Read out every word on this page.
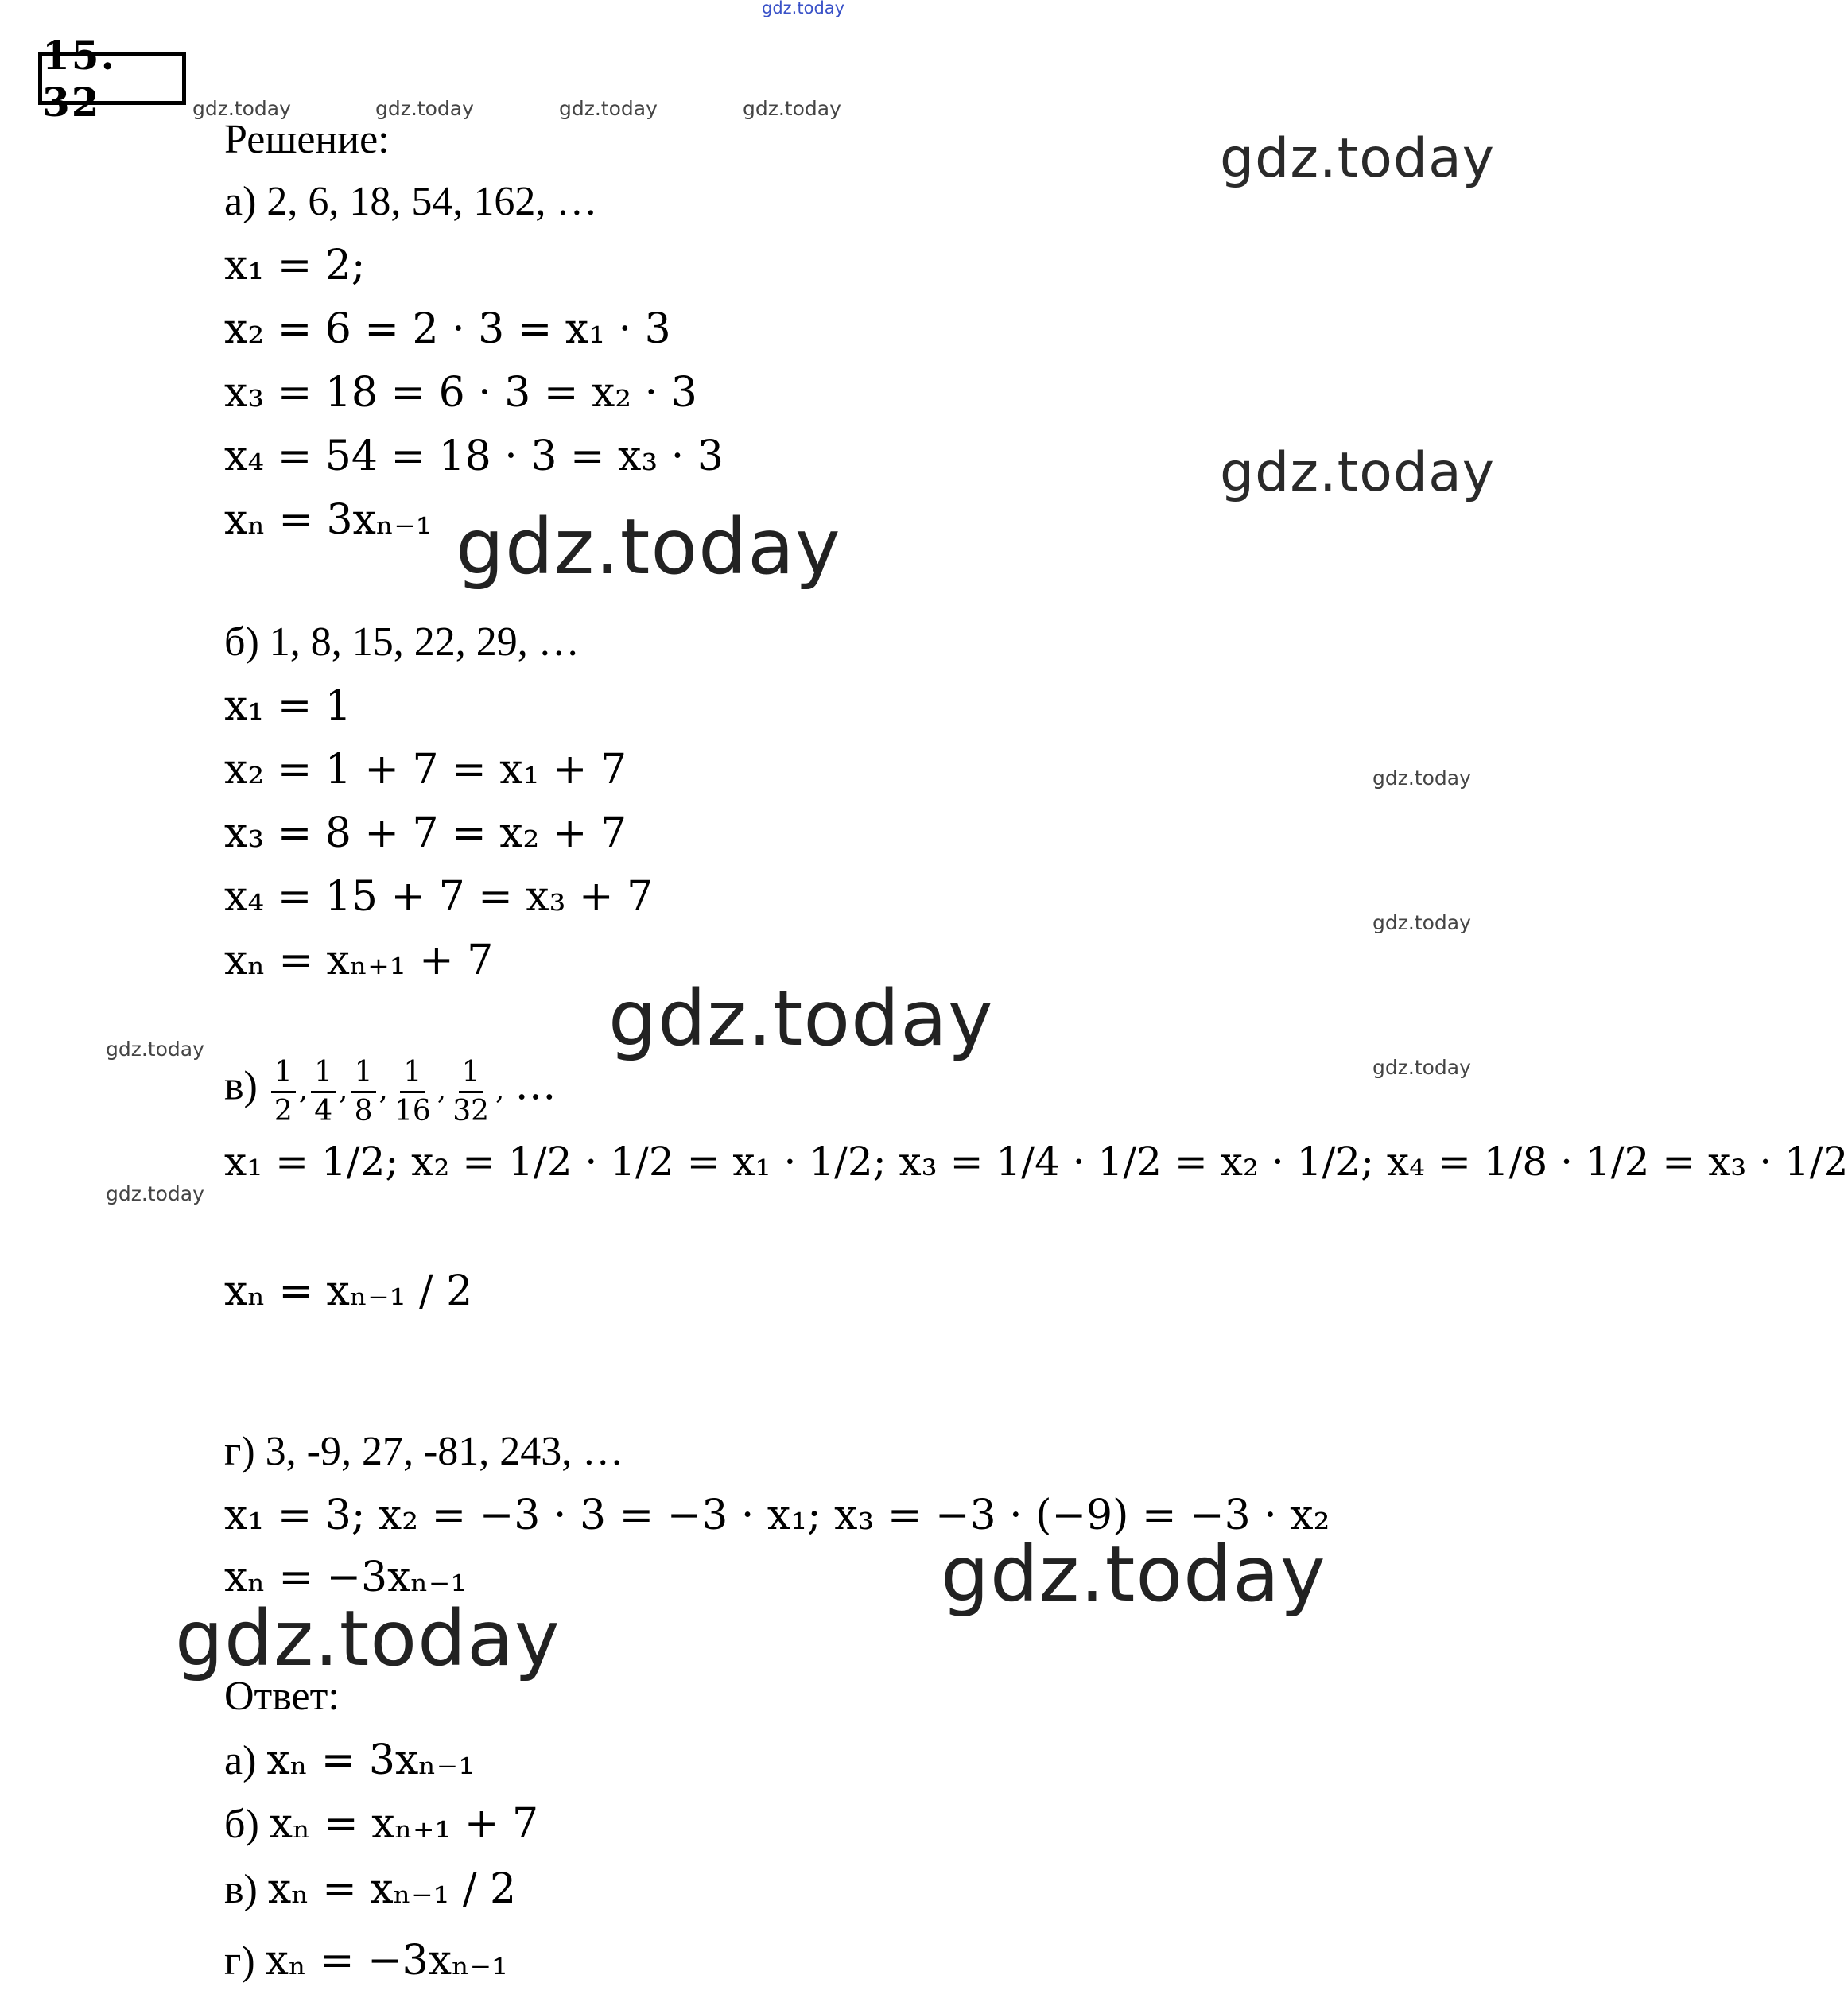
gdz.today
gdz.today	gdz.today	gdz.today	gdz.today
gdz.today
gdz.today
gdz.today
gdz.today
gdz.today
gdz.today
gdz.today
gdz.today
gdz.today
gdz.today
gdz.today
15. 32
Решение:
а) 2, 6, 18, 54, 162, …
x₁ = 2;
x₂ = 6 = 2 · 3 = x₁ · 3
x₃ = 18 = 6 · 3 = x₂ · 3
x₄ = 54 = 18 · 3 = x₃ · 3
xₙ = 3xₙ₋₁
б) 1, 8, 15, 22, 29, …
x₁ = 1
x₂ = 1 + 7 = x₁ + 7
x₃ = 8 + 7 = x₂ + 7
x₄ = 15 + 7 = x₃ + 7
xₙ = xₙ₊₁ + 7
$в) \frac{1}{2}$ , $\frac{1}{4}$ , $\frac{1}{8}$ , $\frac{1}{16}$ , $\frac{1}{32}$ , …
x₁ = 1/2; x₂ = 1/2 · 1/2 = x₁ · 1/2; x₃ = 1/4 · 1/2 = x₂ · 1/2; x₄ = 1/8 · 1/2 = x₃ · 1/2
xₙ = xₙ₋₁ / 2
г) 3, -9, 27, -81, 243, …
x₁ = 3; x₂ = −3 · 3 = −3 · x₁; x₃ = −3 · (−9) = −3 · x₂
xₙ = −3xₙ₋₁
Ответ:
а) xₙ = 3xₙ₋₁
б) xₙ = xₙ₊₁ + 7
в) xₙ = xₙ₋₁ / 2
г) xₙ = −3xₙ₋₁
